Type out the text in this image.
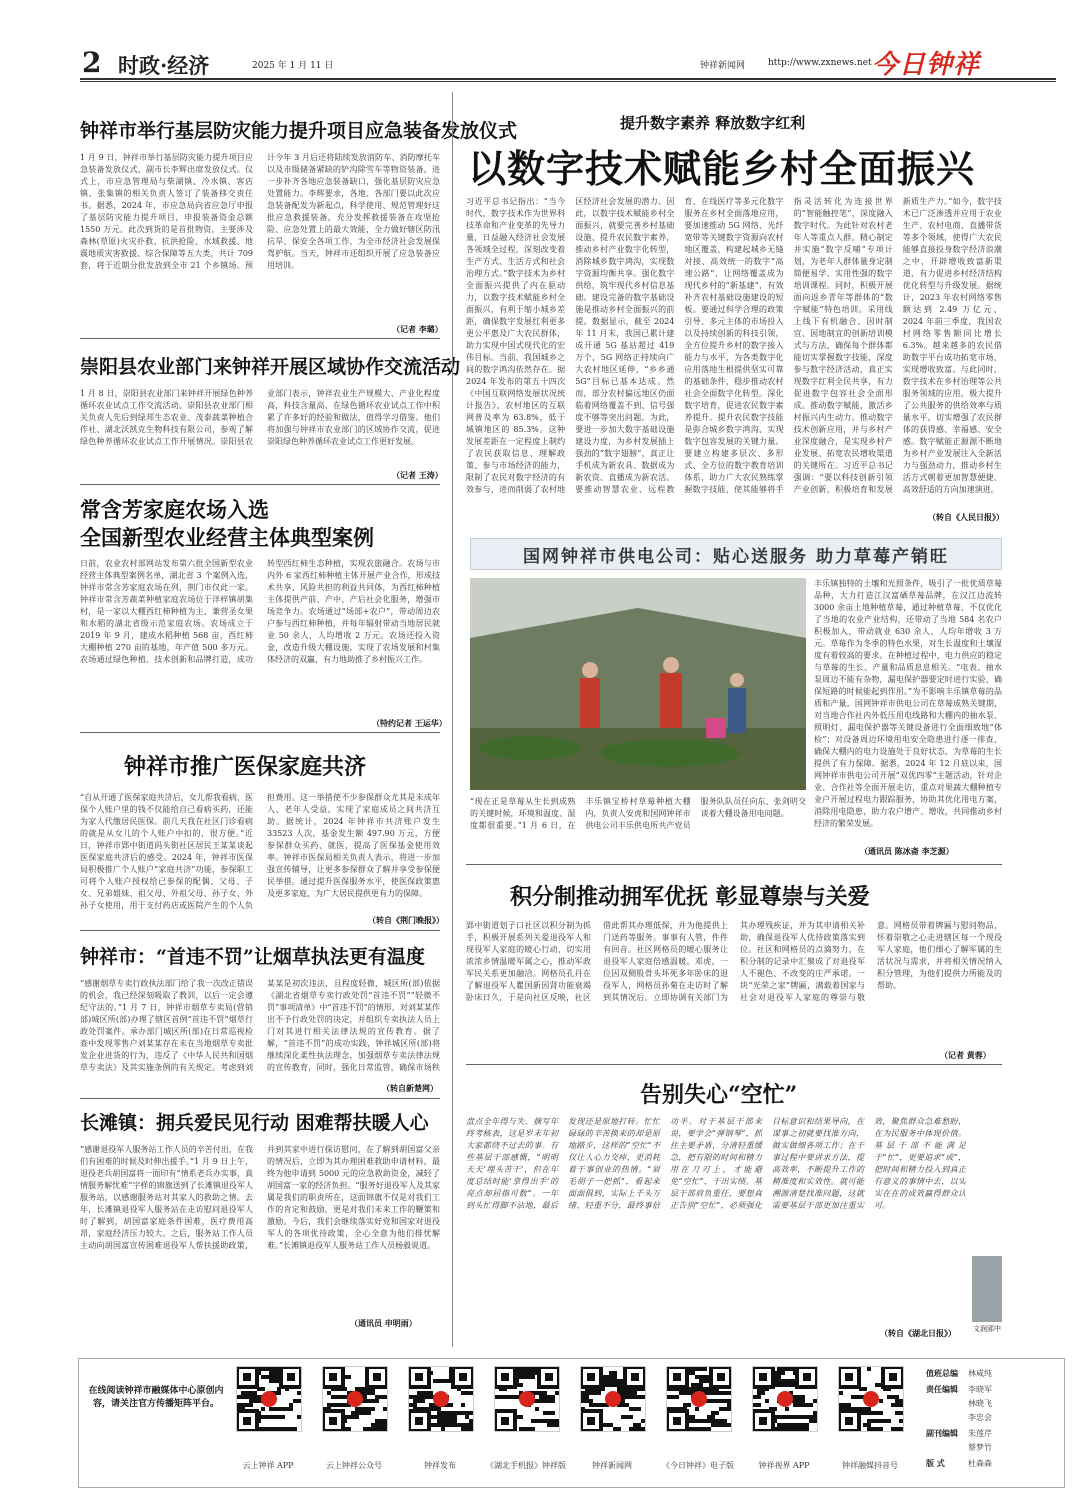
2 时政·经济	2025 年 1 月 11 日	钟祥新闻网	http://www.zxnews.net 今日钟祥
钟祥市举行基层防灾能力提升项目应急装备发放仪式
1 月 9 日，钟祥市举行基层防灾能力提升项目应急装备发放仪式，副市长李辉出席发放仪式。仪式上，市应急管理局与柴湖镇、冷水镇、客店镇、张集镇的相关负责人签订了装备移交责任书。据悉，2024 年，市应急局向省应急厅申报了基层防灾能力提升项目，申报装备资金总额 1550 万元。此次到货的是首批物资，主要涉及森林(草原)火灾扑救、抗洪抢险、水域救援、地震地质灾害救援、综合保障等五大类，共计 709 套，将于近期分批发放到全市 21 个乡镇场。预计今年 3 月后还将陆续发放消防车、消防摩托车以及市级储备紧缺的铲沟除雪车等物资装备，进一步补齐各地应急装备缺口，强化基层防灾应急处置能力。李辉要求，各地、各部门要以此次应急装备配发为新起点，科学使用、规范管理好这批应急救援装备，充分发挥救援装备在攻坚抢险、应急处置上的最大效能，全力做好辖区防汛抗旱、保安全各项工作，为全市经济社会发展保驾护航。当天，钟祥市还组织开展了应急装备应用培训。
（记者 李璐）
崇阳县农业部门来钟祥开展区域协作交流活动
1 月 8 日，崇阳县农业部门来钟祥开展绿色种养循环农业试点工作交流活动。崇阳县农业部门相关负责人先后到绿邦生态农业、茂泰蔬菜种植合作社、湖北沃凯克生物科技有限公司，参观了解绿色种养循环农业试点工作开展情况。崇阳县农业部门表示，钟祥农业生产规模大、产业化程度高，科技含量高，在绿色循环农业试点工作中积累了许多好的经验和做法，值得学习借鉴。他们将加强与钟祥市农业部门的区域协作交流，促进崇阳绿色种养循环农业试点工作更好发展。
（记者 王涛）
常含芳家庭农场入选
全国新型农业经营主体典型案例
日前，农业农村部网站发布第六批全国新型农业经营主体典型案例名单，湖北省 3 个案例入选，钟祥市常含芳家庭农场在列，荆门市仅此一家。钟祥市常含芳蔬菜种植家庭农场位于洋梓镇胡集村，是一家以大棚西红柿种植为主、兼营圣女果和水稻的湖北省级示范家庭农场。农场成立于 2019 年 9 月，建成水稻种植 568 亩，西红柿大棚种植 270 亩的基地，年产值 500 多万元。农场通过绿色种植、技术创新和品牌打造，成功转型西红柿生态种植，实现农旅融合。农场与市内外 6 家西红柿种植主体开展产业合作，形成技术共享、风险共担的利益共同体，为西红柿种植主体提供产前、产中、产后社会化服务，增强市场竞争力。农场通过“场部+农户”，带动周边农户参与西红柿种植，并每年辐射带动当地居民就业 50 余人，人均增收 2 万元。农场还投入资金，改造升级大棚设施，实现了农场发展和村集体经济的双赢，有力地助推了乡村振兴工作。
（特约记者 王运华）
钟祥市推广医保家庭共济
“自从开通了医保家庭共济后，女儿帮我看病，医保个人账户里的钱不仅能给自己看病买药，还能为家人代缴居民医保。前几天我在社区门诊看病的就是从女儿的个人账户中扣的，很方便。”近日，钟祥市郢中街道码头街社区居民王某某谈起医保家庭共济后的感受。2024 年，钟祥市医保局积极推广个人账户“家庭共济”功能，参保职工可将个人账户授权给已参保的配偶、父母、子女、兄弟姐妹、祖父母、外祖父母、孙子女、外孙子女使用，用于支付药店或医院产生的个人负担费用。这一举措使不少参保群众尤其是未成年人、老年人受益，实现了家庭成员之间共济互助。据统计，2024 年钟祥市共济账户发生 33523 人次，基金发生额 497.90 万元，方便参保群众买药、就医，提高了医保基金使用效率。钟祥市医保局相关负责人表示，将进一步加强宣传辅导，让更多参保群众了解并享受参保便民举措。通过提升医保服务水平，使医保政策惠及更多家庭，为广大居民提供更有力的保障。
（转自《荆门晚报》）
钟祥市：“首违不罚”让烟草执法更有温度
“感谢烟草专卖行政执法部门给了我一次改正错误的机会，我已经深刻吸取了教训，以后一定会遵纪守法的。”1 月 7 日，钟祥市烟草专卖局(营销部)城区所(部)办理了辖区首例“首违不罚”烟草行政处罚案件。承办部门城区所(部)在日常巡视检查中发现零售户刘某某存在未在当地烟草专卖批发企业进货的行为，违反了《中华人民共和国烟草专卖法》及其实施条例的有关规定。考虑到刘某某是初次违法，且程度轻微，城区所(部)依据《湖北省烟草专卖行政处罚“首违不罚”“轻微不罚”事项清单》中“首违不罚”的情形，对刘某某作出不予行政处罚的决定，并组织专卖执法人员上门对其进行相关法律法规的宣传教育。据了解，“首违不罚”的成功实践，钟祥城区所(部)将继续深化柔性执法理念，加强烟草专卖法律法规的宣传教育，同时，强化日常监管，确保市场秩
（转自新楚网）
长滩镇：拥兵爱民见行动 困难帮扶暖人心
“感谢退役军人服务站工作人员的辛苦付出，在我们有困难的时候及时伸出援手。”1 月 9 日上午，退役老兵胡国富将一面印有“情系老兵办实事，真情服务解忧难”字样的锦旗送到了长滩镇退役军人服务站，以感谢服务站对其家人的救助之情。去年，长滩镇退役军人服务站在走访慰问退役军人时了解到，胡国富家庭条件困难，医疗费用高昂，家庭经济压力较大。之后，服务站工作人员主动向胡国富宣传困难退役军人帮扶援助政策，并到其家中进行探访慰问，在了解到胡国富父亲的情况后，立即为其办理困难救助申请材料，最终为他申请到 5000 元的应急救助资金，减轻了胡国富一家的经济负担。“服务好退役军人及其家属是我们的职责所在，这面锦旗不仅是对我们工作的肯定和鼓励，更是对我们未来工作的鞭策和激励。今后，我们会继续落实好党和国家对退役军人的各项优待政策，全心全意为他们排忧解难。”长滩镇退役军人服务站工作人员杨毅说道。
（通讯员 申明雨）
提升数字素养 释放数字红利
以数字技术赋能乡村全面振兴
习近平总书记指出：“当今时代，数字技术作为世界科技革命和产业变革的先导力量，日益融入经济社会发展各领域全过程，深刻改变着生产方式、生活方式和社会治理方式。”数字技术为乡村全面振兴提供了内在驱动力，以数字技术赋能乡村全面振兴，有利于缩小城乡差距，确保数字发展红利更多更公平惠及广大农民群体，助力实现中国式现代化的宏伟目标。当前，我国城乡之间的数字鸿沟依然存在。据 2024 年发布的第五十四次《中国互联网络发展状况统计报告》，农村地区的互联网普及率为 63.8%，低于城镇地区的 85.3%。这种发展差距在一定程度上制约了农民获取信息、理解政策、参与市场经济的能力，限制了农民对数字经济的有效参与，进而削弱了农村地区经济社会发展的潜力。因此，以数字技术赋能乡村全面振兴，就要完善乡村基础设施，提升农民数字素养，推动乡村产业数字化转型，消除城乡数字鸿沟，实现数字资源均衡共享。强化数字供给，筑牢现代乡村信息基础。建设完备的数字基础设施是推动乡村全面振兴的前提。数据显示，截至 2024 年 11 月末，我国已累计建成开通 5G 基站超过 419 万个，5G 网络正持续向广大农村地区延伸，“乡乡通 5G”目标已基本达成。然而，部分农村偏远地区仍面临着网络覆盖不到、信号强度不够等突出问题。为此，要进一步加大数字基础设施建设力度，为乡村发展插上强劲的“数字翅膀”，真正让手机成为新农具、数据成为新农资、直播成为新农活。要推动智慧农业、远程教育、在线医疗等多元化数字服务在乡村全面落地应用，要加速推动 5G 网络、光纤宽带等关键数字资源向农村地区覆盖，构建起城乡无缝对接、高效统一的数字“高速公路”，让网络覆盖成为现代乡村的“新基建”，有效补齐农村基础设施建设的短板。要通过科学合理的政策引导、多元主体的市场投入以及持续创新的科技引领，全方位提升乡村的数字接入能力与水平，为各类数字化应用落地生根提供坚实可靠的基础条件，稳步推动农村社会全面数字化转型。深化数字培育，促进农民数字素养提升。提升农民数字技能是弥合城乡数字鸿沟、实现数字包容发展的关键力量。要建立构建多层次、多形式、全方位的数字教育培训体系，助力广大农民熟练掌握数字技能，使其能够将手指灵活转化为连接世界的“智能触控笔”，深度融入数字时代。为此针对农村老年人等重点人群，精心制定并实施“数字反哺”专项计划，为老年人群体量身定制简便易学、实用性强的数字培训课程。同时，积极开展面向返乡青年等群体的“数字赋能”特色培训。采用线上线下有机融合、因时制宜、因地制宜的创新培训模式与方法，确保每个群体都能切实掌握数字技能，深度参与数字经济活动，真正实现数字红利全民共享，有力促进数字包容社会全面形成。推动数字赋能，激活乡村振兴内生动力。推动数字技术创新应用，并与乡村产业深度融合，是实现乡村产业发展、拓宽农民增收渠道的关键所在。习近平总书记强调：“要以科技创新引领产业创新，积极培育和发展新质生产力。”如今，数字技术已广泛渗透并应用于农业生产、农村电商、直播带货等多个领域，使得广大农民能够直接投身数字经济浪潮之中，开辟增收致富新渠道，有力促进乡村经济结构优化转型与升级发展。据统计，2023 年农村网络零售额达到 2.49 万亿元，2024 年前三季度，我国农村网络零售额同比增长 6.3%。越来越多的农民借助数字平台成功拓宽市场，实现增收致富。与此同时，数字技术在乡村治理等公共服务领域的应用，极大提升了公共服务的供给效率与质量水平，切实增强了农民群体的获得感、幸福感、安全感。数字赋能正源源不断地为乡村产业发展注入全新活力与强劲动力，推动乡村生活方式朝着更加智慧便捷、高效舒适的方向加速演进。
（转自《人民日报》）
国网钟祥市供电公司：贴心送服务 助力草莓产销旺
“现在正是草莓从生长到成熟的关键时候，环境和温度、湿度都很重要。”1 月 6 日，在丰乐镇宝桥村草莓种植大棚内，负责人安虎和国网钟祥市供电公司丰乐供电所共产党员服务队队员任向东、张剑明交谈着大棚设备用电问题。
丰乐镇独特的土壤和光照条件，吸引了一批优质草莓品种，大力打造江汉富硒草莓品牌，在汉江边流转 3000 余亩土地种植草莓，通过种植草莓，不仅优化了当地的农业产业结构，还带动了当地 584 名农户积极加入，带动就业 630 余人，人均年增收 3 万元。草莓作为冬季的特色水果，对生长温度和土壤湿度有着较高的要求。在种植过程中，电力供应的稳定与草莓的生长、产量和品质息息相关。“电表、抽水泵周边不能有杂物，漏电保护器要定时进行实验，确保短路的时候能起到作用。”为不影响丰乐镇草莓的品质和产量，国网钟祥市供电公司在草莓成熟关键期，对当地合作社内外低压用电线路和大棚内的抽水泵、照明灯、漏电保护器等关键设备进行全面细致地“体检”；对设备周边环境用电安全隐患进行逐一排查，确保大棚内的电力设施处于良好状态，为草莓的生长提供了有力保障。据悉，2024 年 12 月底以来，国网钟祥市供电公司开展“双优四零”主题活动，针对企业、合作社等全面开展走访，重点对果蔬大棚种植专业户开展过程电力跟踪服务，协助其优化用电方案，消除用电隐患，助力农户增产、增收，共同推动乡村经济的繁荣发展。
（通讯员 陈冰斋 李芝源）
积分制推动拥军优抚 彰显尊崇与关爱
郢中街道划子口社区以积分制为抓手，积极开展系列关爱退役军人和现役军人家庭的暖心行动，切实用浓浓乡情温暖军属之心，推动军政军民关系更加融洽。网格员孔丹在了解退役军人瞿国新因肾功能衰竭卧床日久，于是向社区反映，社区借此帮其办理低保，并为他提供上门送药等服务。事事有人管，件件有回音。社区网格员的暖心服务让退役军人家庭倍感温暖。邓虎，一位因双侧股骨头坏死多年卧床的退役军人，网格员孙菊在走访时了解到其情况后，立即协调有关部门为其办理残疾证，并为其申请相关补助，确保退役军人优待政策落实到位。社区和网格员的点滴努力，在积分制的记录中汇聚成了对退役军人不褪色、不改变的庄严承诺。一块“光荣之家”牌匾，满载着国家与社会对退役军人家庭的尊崇与敬意。网格员带着牌匾与慰问物品，怀着崇敬之心走进辖区每一个现役军人家庭，他们细心了解军属的生活状况与需求，并将相关情况纳入积分管理，为他们提供力所能及的帮助。
（记者 黄蓉）
告别失心“空忙”
盘点全年得与失，摘写年终考核表，这是岁末年初大家都绕不过去的事。有些基层干部感慨，“明明天天‘埋头苦干’，但在年度总结时能‘拿得出手’的亮点却屈指可数”。一年到头忙得脚不沾地，最后发现还是原地打转。忙忙碌碌的辛苦换来的却是原地踏步，这样的“空忙”不仅让人心力交瘁，更消耗着干事创业的热情。“眉毛胡子一把抓”，看起来面面俱到，实际上千头万绪、轻重不分，最终事倍功半。对于基层干部来说，要学会“弹钢琴”，抓住主要矛盾，分清轻重缓急，把有限的时间和精力用在刀刃上，才能避免“空忙”，干出实绩。基层干部肩负重任，要想真正告别“空忙”，必须强化目标意识和结果导向，在谋事之初就要找准方向，做实做细各项工作；在干事过程中要讲求方法，提高效率，不断提升工作的精准度和实效性。就可能溯源清楚找准问题，这就需要基层干部更加注重实效，聚焦群众急难愁盼，在为民服务中体现价值。基层干部不能满足于“忙”，更要追求“成”，把时间和精力投入到真正有意义的事情中去，以实实在在的成效赢得群众认可。
文润郢中
（转自《湖北日报》）
在线阅读钟祥市融媒体中心原创内容，请关注官方传播矩阵平台。
云上钟祥 APP	云上钟祥公众号	钟祥发布	《湖北手机报》钟祥版	钟祥新闻网	《今日钟祥》电子版	钟祥视界 APP	钟祥融媒抖音号
值班总编 林咸纯
责任编辑 李晓军
林晓飞
李忠会
副刊编辑 朱莲芹
蔡梦竹
版 式	杜森森
